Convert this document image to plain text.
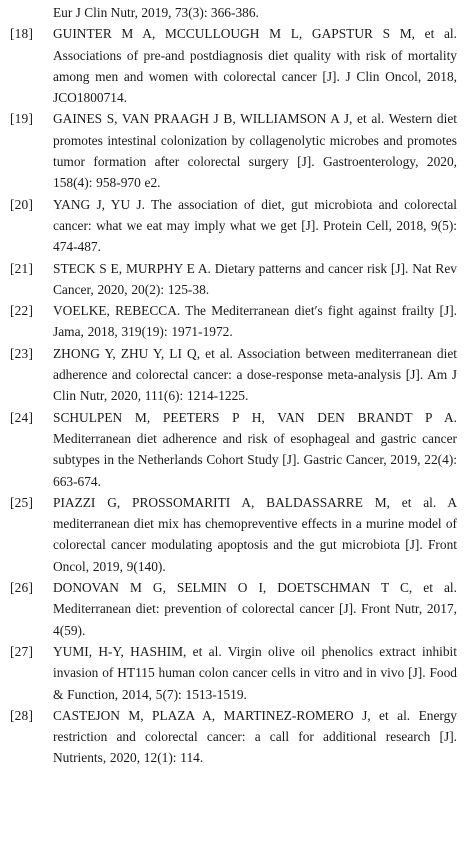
Eur J Clin Nutr, 2019, 73(3): 366-386.
[18]	GUINTER M A, MCCULLOUGH M L, GAPSTUR S M, et al. Associations of pre-and postdiagnosis diet quality with risk of mortality among men and women with colorectal cancer [J]. J Clin Oncol, 2018, JCO1800714.
[19]	GAINES S, VAN PRAAGH J B, WILLIAMSON A J, et al. Western diet promotes intestinal colonization by collagenolytic microbes and promotes tumor formation after colorectal surgery [J]. Gastroenterology, 2020, 158(4): 958-970 e2.
[20]	YANG J, YU J. The association of diet, gut microbiota and colorectal cancer: what we eat may imply what we get [J]. Protein Cell, 2018, 9(5): 474-487.
[21]	STECK S E, MURPHY E A. Dietary patterns and cancer risk [J]. Nat Rev Cancer, 2020, 20(2): 125-38.
[22]	VOELKE, REBECCA. The Mediterranean diet′s fight against frailty [J]. Jama, 2018, 319(19): 1971-1972.
[23]	ZHONG Y, ZHU Y, LI Q, et al. Association between mediterranean diet adherence and colorectal cancer: a dose-response meta-analysis [J]. Am J Clin Nutr, 2020, 111(6): 1214-1225.
[24]	SCHULPEN M, PEETERS P H, VAN DEN BRANDT P A. Mediterranean diet adherence and risk of esophageal and gastric cancer subtypes in the Netherlands Cohort Study [J]. Gastric Cancer, 2019, 22(4): 663-674.
[25]	PIAZZI G, PROSSOMARITI A, BALDASSARRE M, et al. A mediterranean diet mix has chemopreventive effects in a murine model of colorectal cancer modulating apoptosis and the gut microbiota [J]. Front Oncol, 2019, 9(140).
[26]	DONOVAN M G, SELMIN O I, DOETSCHMAN T C, et al. Mediterranean diet: prevention of colorectal cancer [J]. Front Nutr, 2017, 4(59).
[27]	YUMI, H-Y, HASHIM, et al. Virgin olive oil phenolics extract inhibit invasion of HT115 human colon cancer cells in vitro and in vivo [J]. Food & Function, 2014, 5(7): 1513-1519.
[28]	CASTEJON M, PLAZA A, MARTINEZ-ROMERO J, et al. Energy restriction and colorectal cancer: a call for additional research [J]. Nutrients, 2020, 12(1): 114.
